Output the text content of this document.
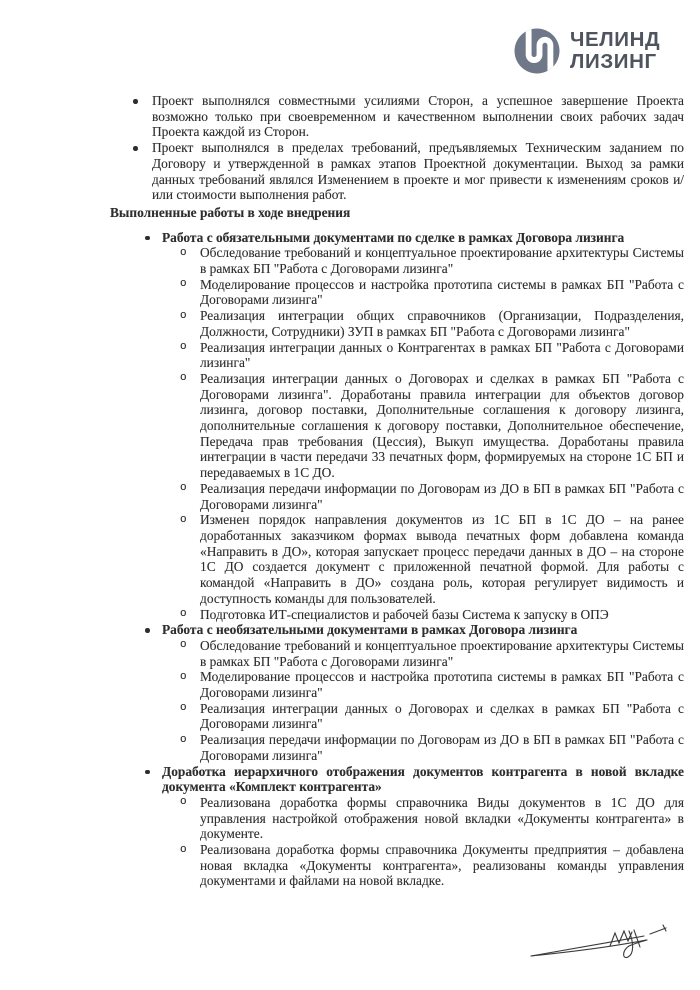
ЧЕЛИНД
ЛИЗИНГ
Проект выполнялся совместными усилиями Сторон, а успешное завершение Проекта возможно только при своевременном и качественном выполнении своих рабочих задач Проекта каждой из Сторон.
Проект выполнялся в пределах требований, предъявляемых Техническим заданием по Договору и утвержденной в рамках этапов Проектной документации. Выход за рамки данных требований являлся Изменением в проекте и мог привести к изменениям сроков и/или стоимости выполнения работ.
Выполненные работы в ходе внедрения
Работа с обязательными документами по сделке в рамках Договора лизинга
o Обследование требований и концептуальное проектирование архитектуры Системы в рамках БП "Работа с Договорами лизинга"
o Моделирование процессов и настройка прототипа системы в рамках БП "Работа с Договорами лизинга"
o Реализация интеграции общих справочников (Организации, Подразделения, Должности, Сотрудники) ЗУП в рамках БП "Работа с Договорами лизинга"
o Реализация интеграции данных о Контрагентах в рамках БП "Работа с Договорами лизинга"
o Реализация интеграции данных о Договорах и сделках в рамках БП "Работа с Договорами лизинга". Доработаны правила интеграции для объектов договор лизинга, договор поставки, Дополнительные соглашения к договору лизинга, дополнительные соглашения к договору поставки, Дополнительное обеспечение, Передача прав требования (Цессия), Выкуп имущества. Доработаны правила интеграции в части передачи 33 печатных форм, формируемых на стороне 1С БП и передаваемых в 1С ДО.
o Реализация передачи информации по Договорам из ДО в БП в рамках БП "Работа с Договорами лизинга"
o Изменен порядок направления документов из 1С БП в 1С ДО – на ранее доработанных заказчиком формах вывода печатных форм добавлена команда «Направить в ДО», которая запускает процесс передачи данных в ДО – на стороне 1С ДО создается документ с приложенной печатной формой. Для работы с командой «Направить в ДО» создана роль, которая регулирует видимость и доступность команды для пользователей.
o Подготовка ИТ-специалистов и рабочей базы Система к запуску в ОПЭ
Работа с необязательными документами в рамках Договора лизинга
o Обследование требований и концептуальное проектирование архитектуры Системы в рамках БП "Работа с Договорами лизинга"
o Моделирование процессов и настройка прототипа системы в рамках БП "Работа с Договорами лизинга"
o Реализация интеграции данных о Договорах и сделках в рамках БП "Работа с Договорами лизинга"
o Реализация передачи информации по Договорам из ДО в БП в рамках БП "Работа с Договорами лизинга"
Доработка иерархичного отображения документов контрагента в новой вкладке документа «Комплект контрагента»
o Реализована доработка формы справочника Виды документов в 1С ДО для управления настройкой отображения новой вкладки «Документы контрагента» в документе.
o Реализована доработка формы справочника Документы предприятия – добавлена новая вкладка «Документы контрагента», реализованы команды управления документами и файлами на новой вкладке.
